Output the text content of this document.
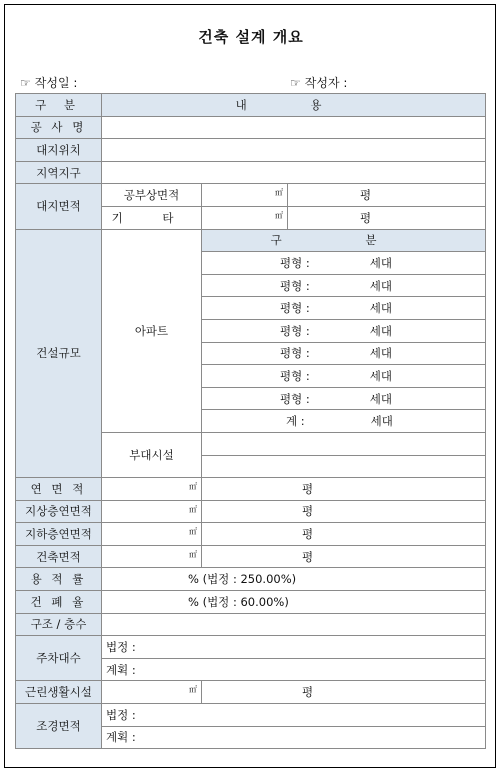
건축 설계 개요
☞ 작성일 :	☞ 작성자 :
구 분	내 용		
공 사 명			
대지위치			
지역지구			
대지면적	공부상면적	㎡	평
	기 타	㎡	평
건설규모	아파트	구 분	
		평형 : 세대	
		평형 : 세대	
		평형 : 세대	
		평형 : 세대	
		평형 : 세대	
		평형 : 세대	
		평형 : 세대	
		계 : 세대	
	부대시설		

연 면 적	㎡	평	
지상층연면적	㎡	평	
지하층연면적	㎡	평	
건축면적	㎡	평	
용 적 률	% (법정 : 250.00%)		
건 폐 율	% (법정 : 60.00%)		
구조 / 층수			
주차대수	법정 :		
	계획 :		
근린생활시설	㎡	평	
조경면적	법정 :		
	계획 :		
